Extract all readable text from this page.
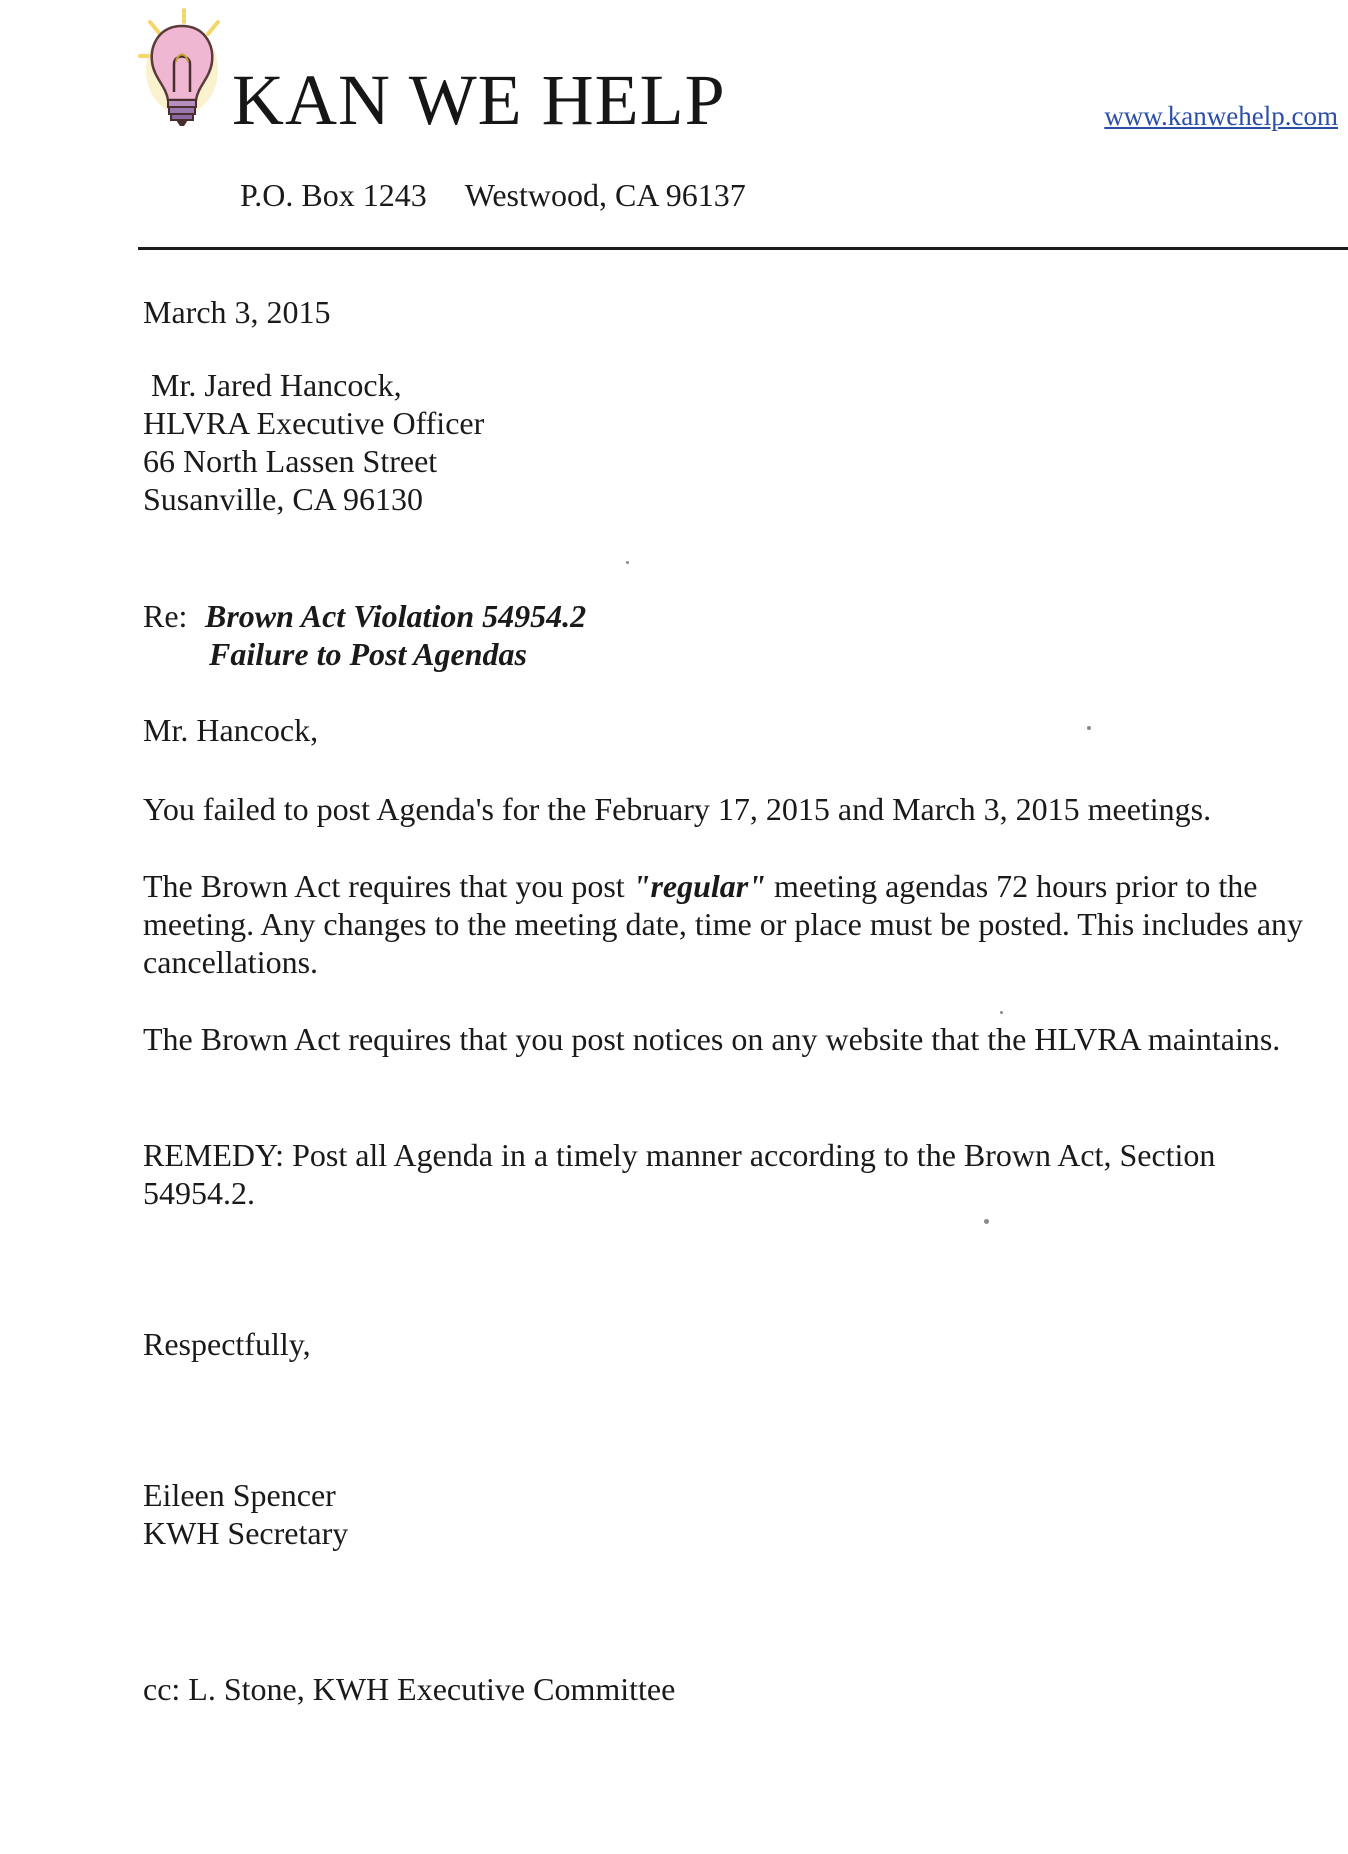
KAN WE HELP	www.kanwehelp.com
P.O. Box 1243 Westwood, CA 96137
March 3, 2015
Mr. Jared Hancock,
HLVRA Executive Officer
66 North Lassen Street
Susanville, CA 96130
Re: Brown Act Violation 54954.2
Failure to Post Agendas
Mr. Hancock,
You failed to post Agenda's for the February 17, 2015 and March 3, 2015 meetings.
The Brown Act requires that you post "regular" meeting agendas 72 hours prior to the meeting. Any changes to the meeting date, time or place must be posted. This includes any cancellations.
The Brown Act requires that you post notices on any website that the HLVRA maintains.
REMEDY: Post all Agenda in a timely manner according to the Brown Act, Section 54954.2.
Respectfully,
Eileen Spencer
KWH Secretary
cc: L. Stone, KWH Executive Committee
